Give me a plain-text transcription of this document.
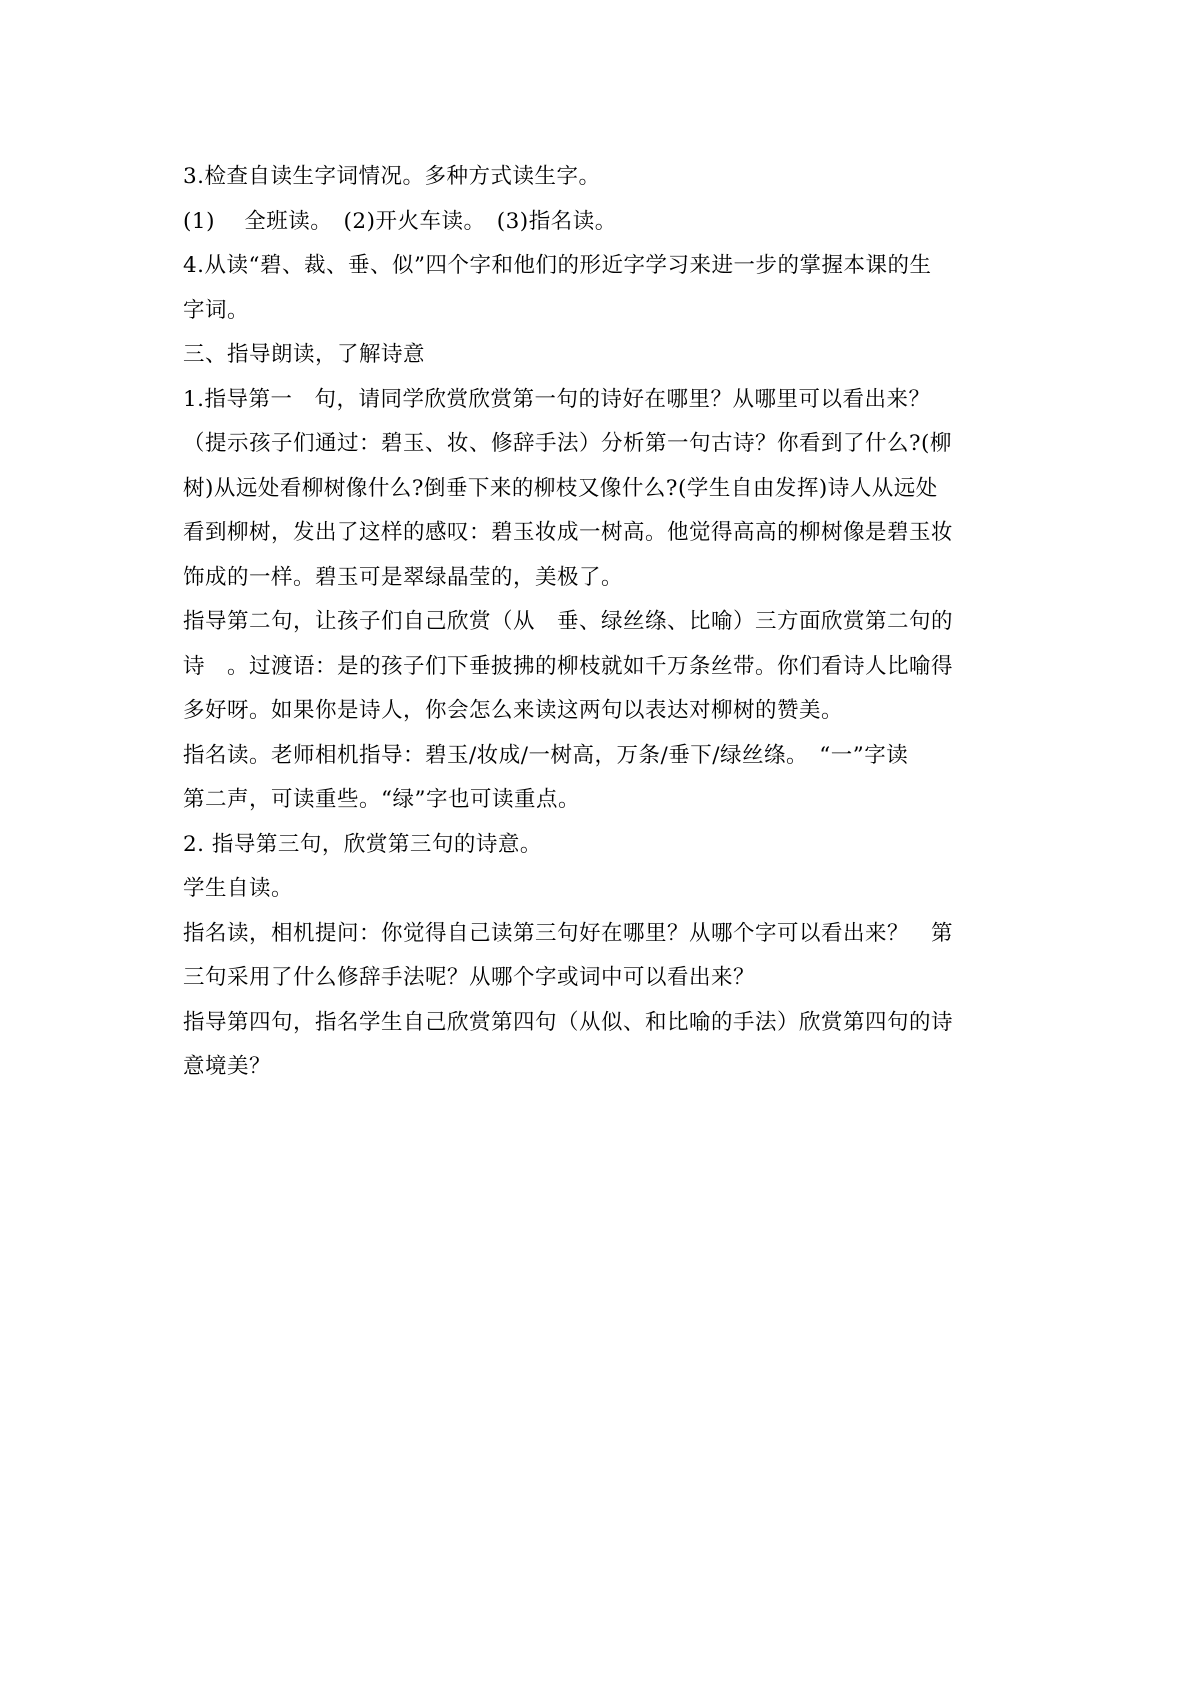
3.检查自读生字词情况。多种方式读生字。
(1)　 全班读。　(2)开火车读。　(3)指名读。
4.从读“碧、裁、垂、似”四个字和他们的形近字学习来进一步的掌握本课的生
字词。
三、指导朗读，了解诗意
1.指导第一　句，请同学欣赏欣赏第一句的诗好在哪里？从哪里可以看出来？
（提示孩子们通过：碧玉、妆、修辞手法）分析第一句古诗？你看到了什么?(柳
树)从远处看柳树像什么?倒垂下来的柳枝又像什么?(学生自由发挥)诗人从远处
看到柳树，发出了这样的感叹：碧玉妆成一树高。他觉得高高的柳树像是碧玉妆
饰成的一样。碧玉可是翠绿晶莹的，美极了。
指导第二句，让孩子们自己欣赏（从　垂、绿丝绦、比喻）三方面欣赏第二句的
诗　。过渡语：是的孩子们下垂披拂的柳枝就如千万条丝带。你们看诗人比喻得
多好呀。如果你是诗人，你会怎么来读这两句以表达对柳树的赞美。
指名读。老师相机指导：碧玉/妆成/一树高，万条/垂下/绿丝绦。　“一”字读
第二声，可读重些。“绿”字也可读重点。
2. 指导第三句，欣赏第三句的诗意。
学生自读。
指名读，相机提问：你觉得自己读第三句好在哪里？从哪个字可以看出来？　第
三句采用了什么修辞手法呢？从哪个字或词中可以看出来？
指导第四句，指名学生自己欣赏第四句（从似、和比喻的手法）欣赏第四句的诗
意境美？
